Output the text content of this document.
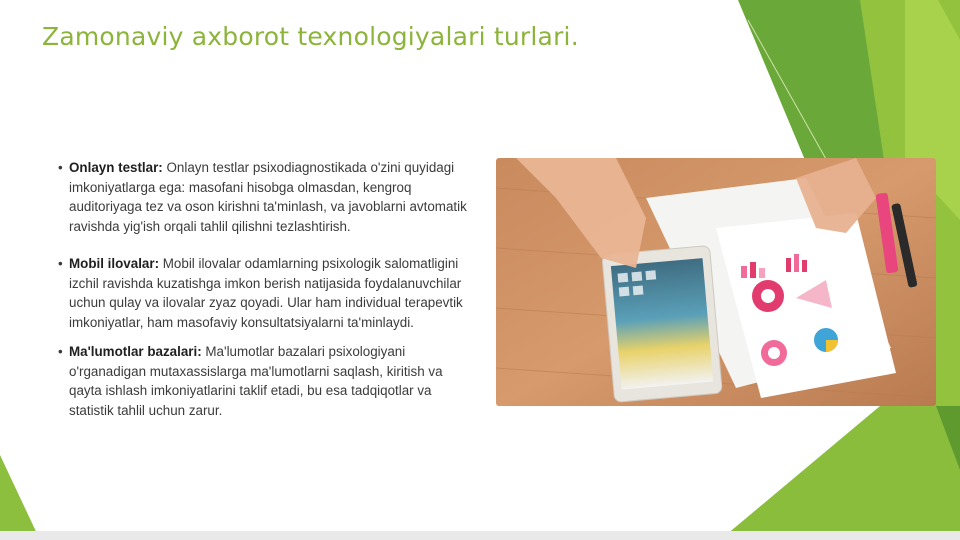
Zamonaviy axborot texnologiyalari turlari.
• Onlayn testlar: Onlayn testlar psixodiagnostikada o'zini quyidagi imkoniyatlarga ega: masofani hisobga olmasdan, kengroq auditoriyaga tez va oson kirishni ta'minlash, va javoblarni avtomatik ravishda yig'ish orqali tahlil qilishni tezlashtirish.
• Mobil ilovalar: Mobil ilovalar odamlarning psixologik salomatligini izchil ravishda kuzatishga imkon berish natijasida foydalanuvchilar uchun qulay va ilovalar zyaz qoyadi. Ular ham individual terapevtik imkoniyatlar, ham masofaviy konsultatsiyalarni ta'minlaydi.
• Ma'lumotlar bazalari: Ma'lumotlar bazalari psixologiyani o'rganadigan mutaxassislarga ma'lumotlarni saqlash, kiritish va qayta ishlash imkoniyatlarini taklif etadi, bu esa tadqiqotlar va statistik tahlil uchun zarur.
